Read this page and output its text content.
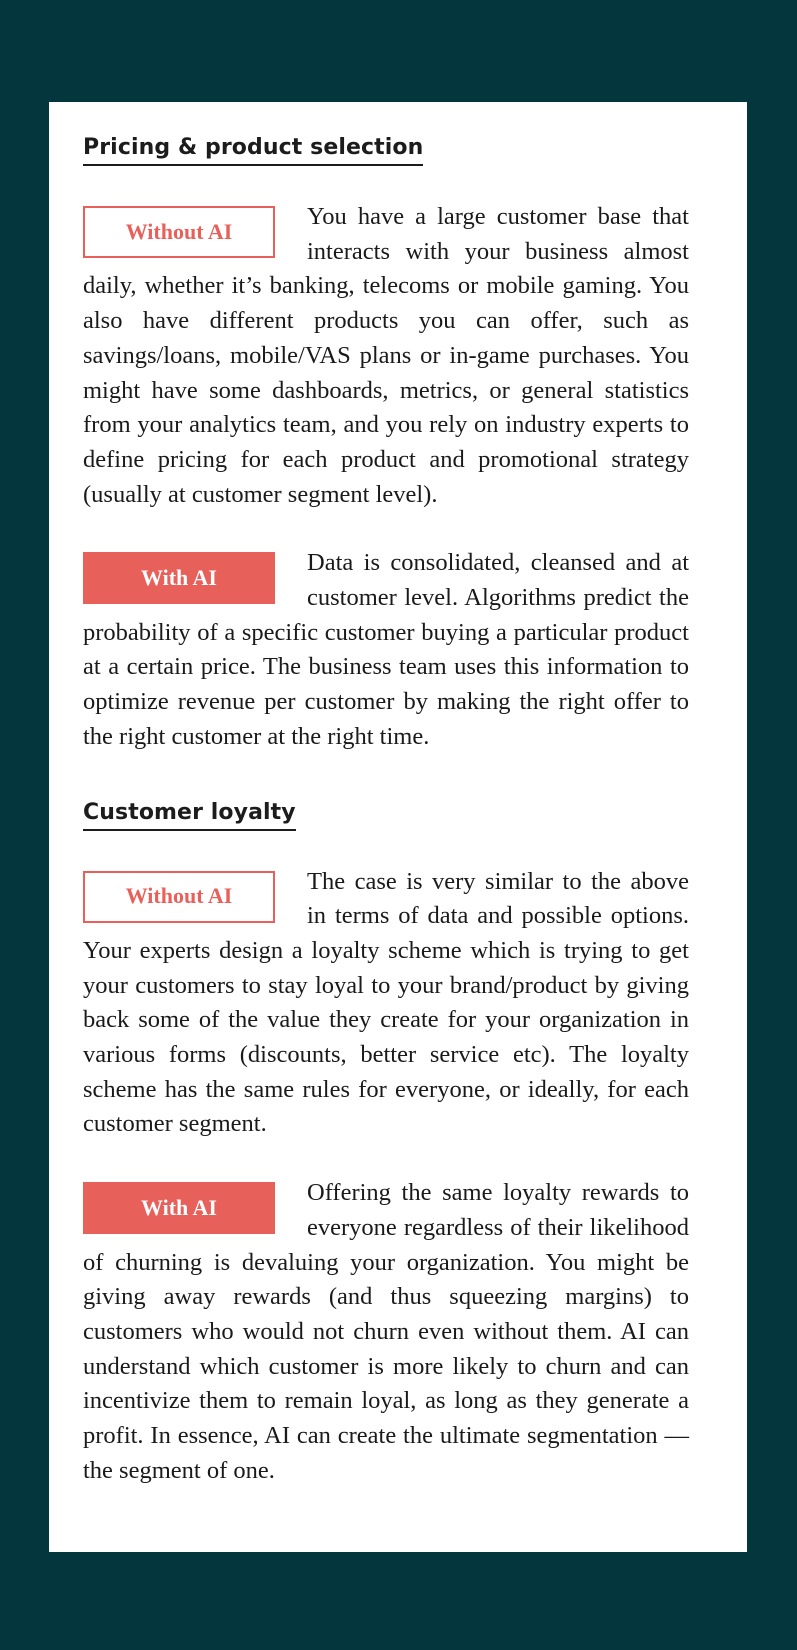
Pricing & product selection
Without AI

You have a large customer base that interacts with your business almost daily, whether it’s banking, telecoms or mobile gaming. You also have different products you can offer, such as savings/loans, mobile/VAS plans or in-game purchases. You might have some dashboards, metrics, or general statistics from your analytics team, and you rely on industry experts to define pricing for each product and promotional strategy (usually at customer segment level).

With AI

Data is consolidated, cleansed and at customer level. Algorithms predict the probability of a specific customer buying a particular product at a certain price. The business team uses this information to optimize revenue per customer by making the right offer to the right customer at the right time.

Customer loyalty
Without AI

The case is very similar to the above in terms of data and possible options. Your experts design a loyalty scheme which is trying to get your customers to stay loyal to your brand/product by giving back some of the value they create for your organization in various forms (discounts, better service etc). The loyalty scheme has the same rules for everyone, or ideally, for each customer segment.

With AI

Offering the same loyalty rewards to everyone regardless of their likelihood of churning is devaluing your organization. You might be giving away rewards (and thus squeezing margins) to customers who would not churn even without them. AI can understand which customer is more likely to churn and can incentivize them to remain loyal, as long as they generate a profit. In essence, AI can create the ultimate segmentation — the segment of one.
